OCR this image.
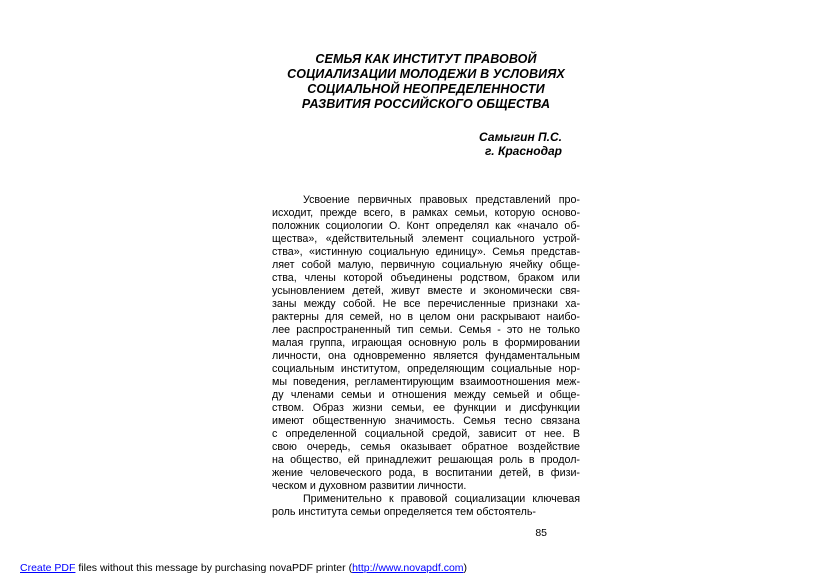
СЕМЬЯ КАК ИНСТИТУТ ПРАВОВОЙ
СОЦИАЛИЗАЦИИ МОЛОДЕЖИ В УСЛОВИЯХ
СОЦИАЛЬНОЙ НЕОПРЕДЕЛЕННОСТИ
РАЗВИТИЯ РОССИЙСКОГО ОБЩЕСТВА
Самыгин П.С.
г. Краснодар
Усвоение первичных правовых представлений про-
исходит, прежде всего, в рамках семьи, которую осново-
положник социологии О. Конт определял как «начало об-
щества», «действительный элемент социального устрой-
ства», «истинную социальную единицу». Семья представ-
ляет собой малую, первичную социальную ячейку обще-
ства, члены которой объединены родством, браком или
усыновлением детей, живут вместе и экономически свя-
заны между собой. Не все перечисленные признаки ха-
рактерны для семей, но в целом они раскрывают наибо-
лее распространенный тип семьи. Семья - это не только
малая группа, играющая основную роль в формировании
личности, она одновременно является фундаментальным
социальным институтом, определяющим социальные нор-
мы поведения, регламентирующим взаимоотношения меж-
ду членами семьи и отношения между семьей и обще-
ством. Образ жизни семьи, ее функции и дисфункции
имеют общественную значимость. Семья тесно связана
с определенной социальной средой, зависит от нее. В
свою очередь, семья оказывает обратное воздействие
на общество, ей принадлежит решающая роль в продол-
жение человеческого рода, в воспитании детей, в физи-
ческом и духовном развитии личности.
Применительно к правовой социализации ключевая
роль института семьи определяется тем обстоятель-
85
Create PDF files without this message by purchasing novaPDF printer (http://www.novapdf.com)
